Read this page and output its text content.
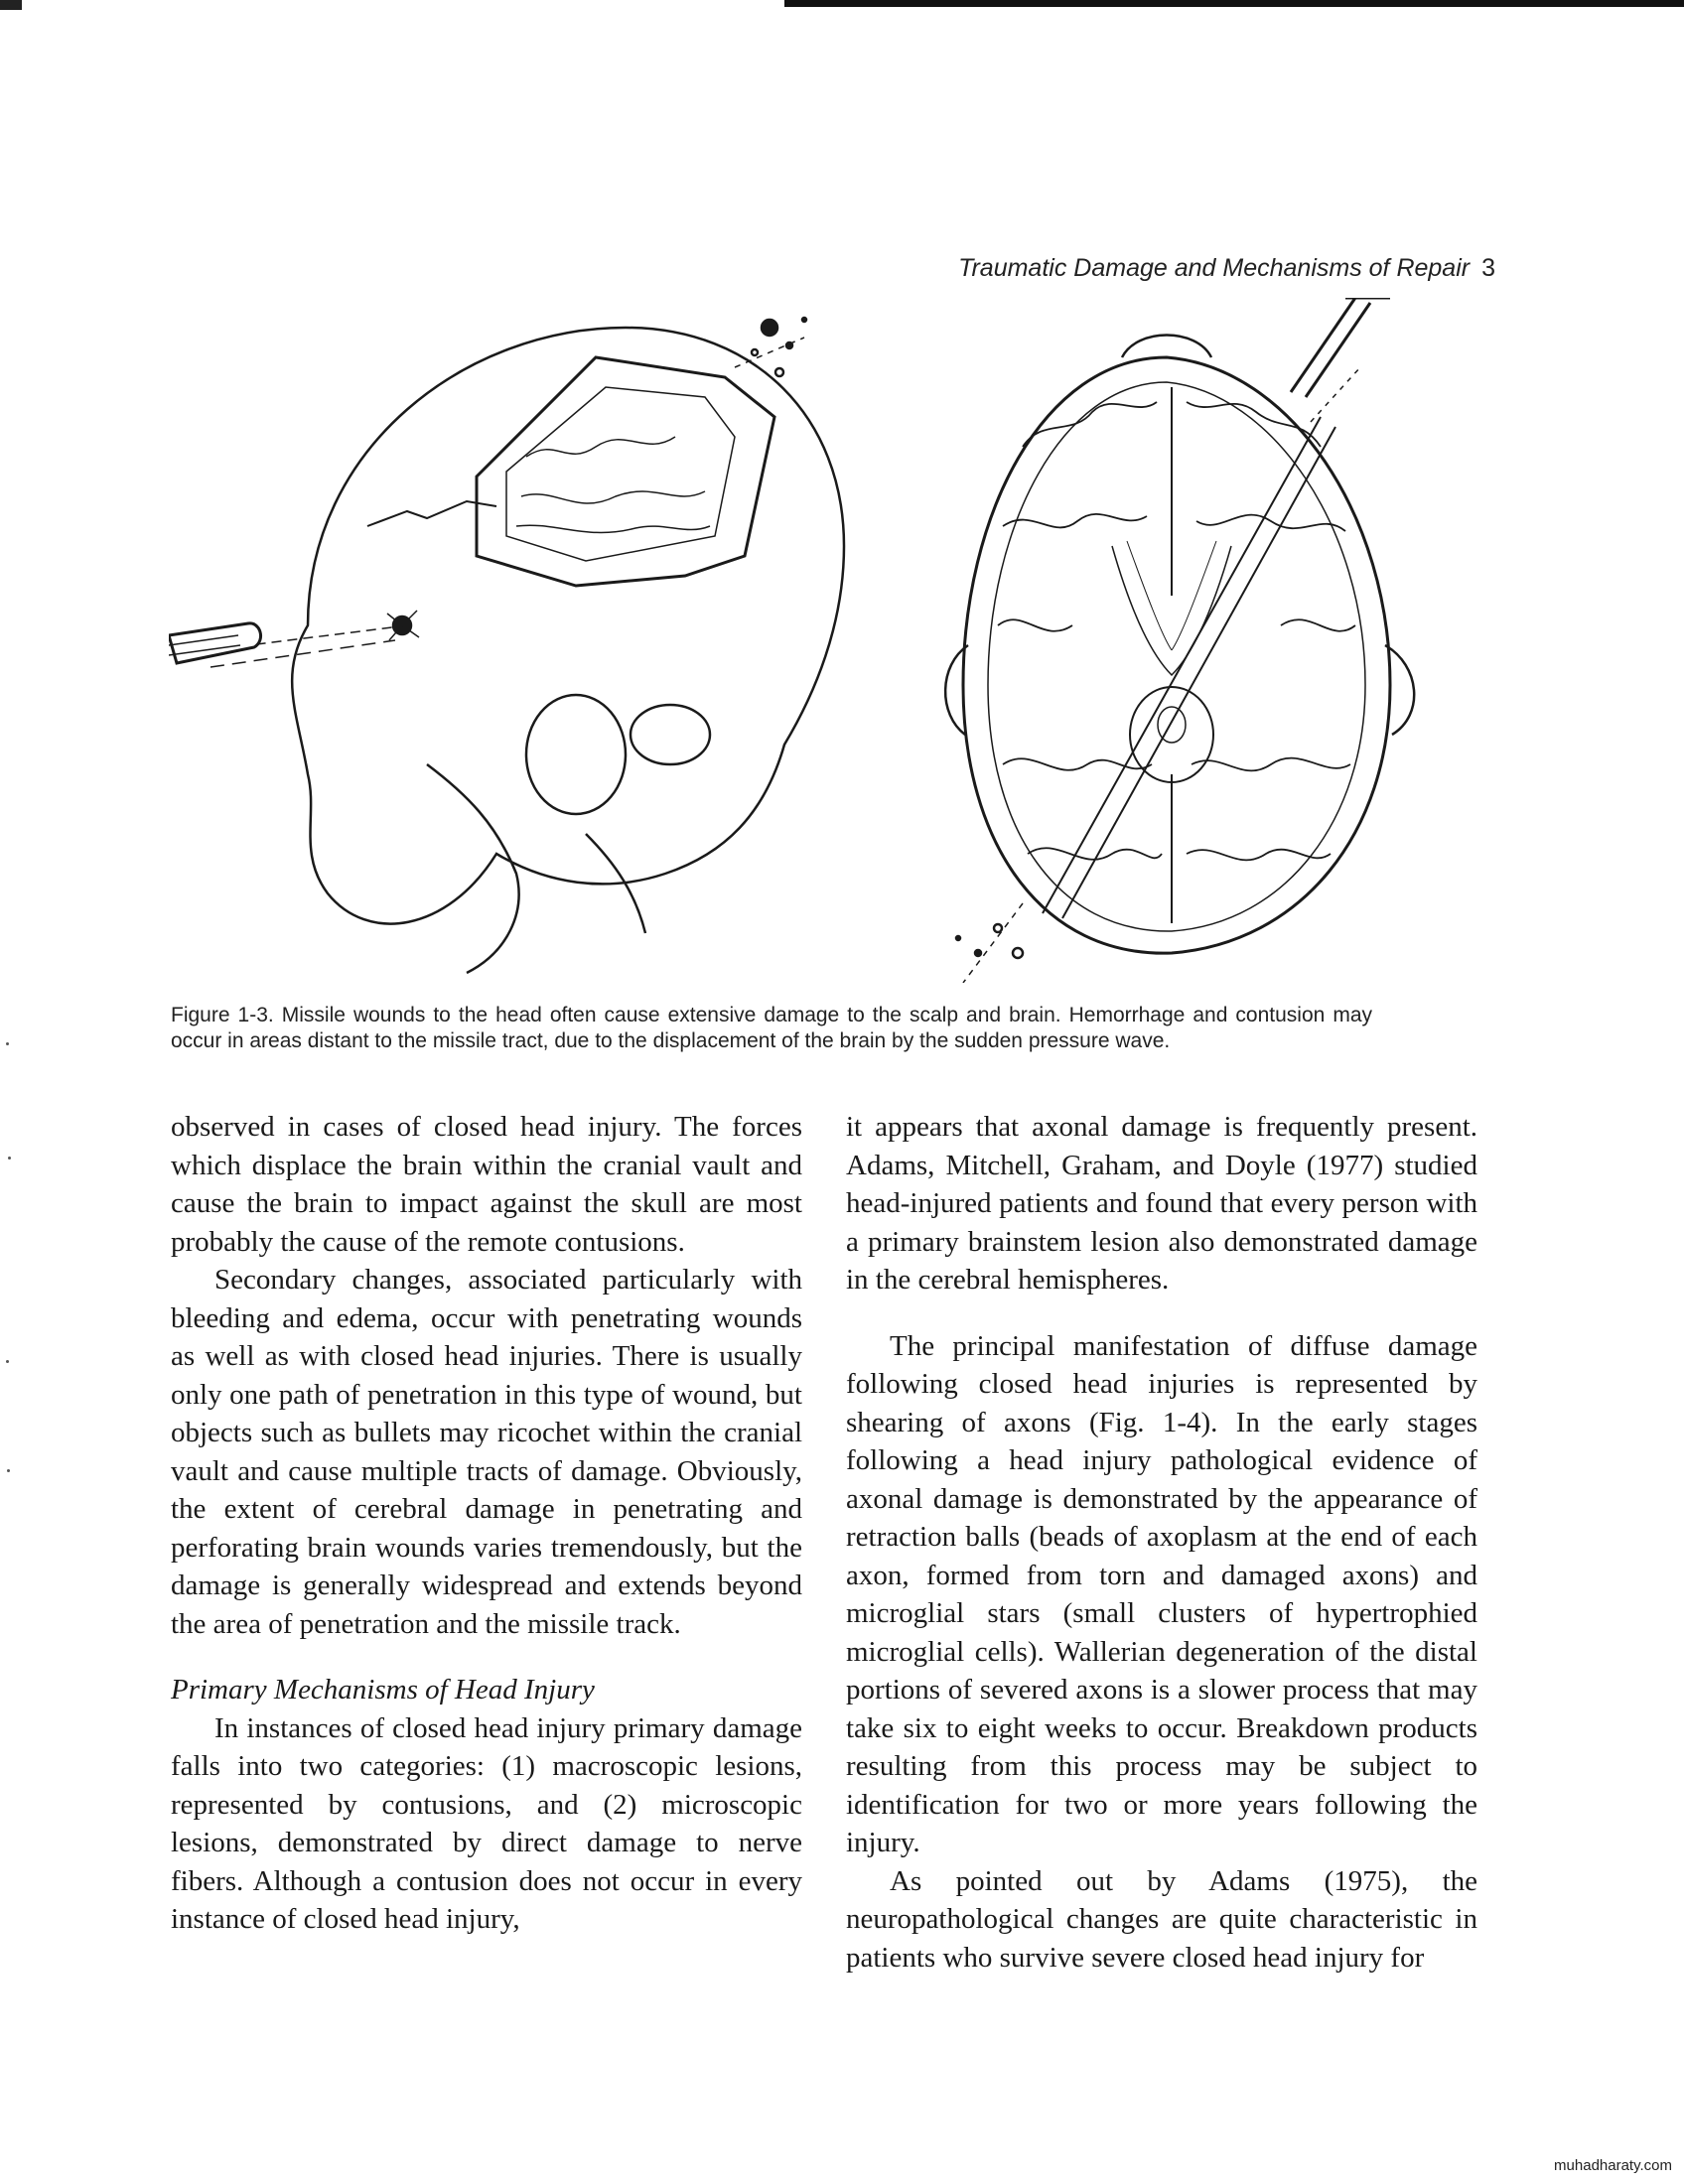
Traumatic Damage and Mechanisms of Repair 3
Figure 1-3. Missile wounds to the head often cause extensive damage to the scalp and brain. Hemorrhage and contusion may occur in areas distant to the missile tract, due to the displacement of the brain by the sudden pressure wave.

observed in cases of closed head injury. The forces which displace the brain within the cranial vault and cause the brain to impact against the skull are most probably the cause of the remote contusions.

Secondary changes, associated particularly with bleeding and edema, occur with penetrating wounds as well as with closed head injuries. There is usually only one path of penetration in this type of wound, but objects such as bullets may ricochet within the cranial vault and cause multiple tracts of damage. Obviously, the extent of cerebral damage in penetrating and perforating brain wounds varies tremendously, but the damage is generally widespread and extends beyond the area of penetration and the missile track.

Primary Mechanisms of Head Injury

In instances of closed head injury primary damage falls into two categories: (1) macroscopic lesions, represented by contusions, and (2) microscopic lesions, demonstrated by direct damage to nerve fibers. Although a contusion does not occur in every instance of closed head injury,

it appears that axonal damage is frequently present. Adams, Mitchell, Graham, and Doyle (1977) studied head-injured patients and found that every person with a primary brainstem lesion also demonstrated damage in the cerebral hemispheres.

The principal manifestation of diffuse damage following closed head injuries is represented by shearing of axons (Fig. 1-4). In the early stages following a head injury pathological evidence of axonal damage is demonstrated by the appearance of retraction balls (beads of axoplasm at the end of each axon, formed from torn and damaged axons) and microglial stars (small clusters of hypertrophied microglial cells). Wallerian degeneration of the distal portions of severed axons is a slower process that may take six to eight weeks to occur. Breakdown products resulting from this process may be subject to identification for two or more years following the injury.

As pointed out by Adams (1975), the neuropathological changes are quite characteristic in patients who survive severe closed head injury for

muhadharaty.com
